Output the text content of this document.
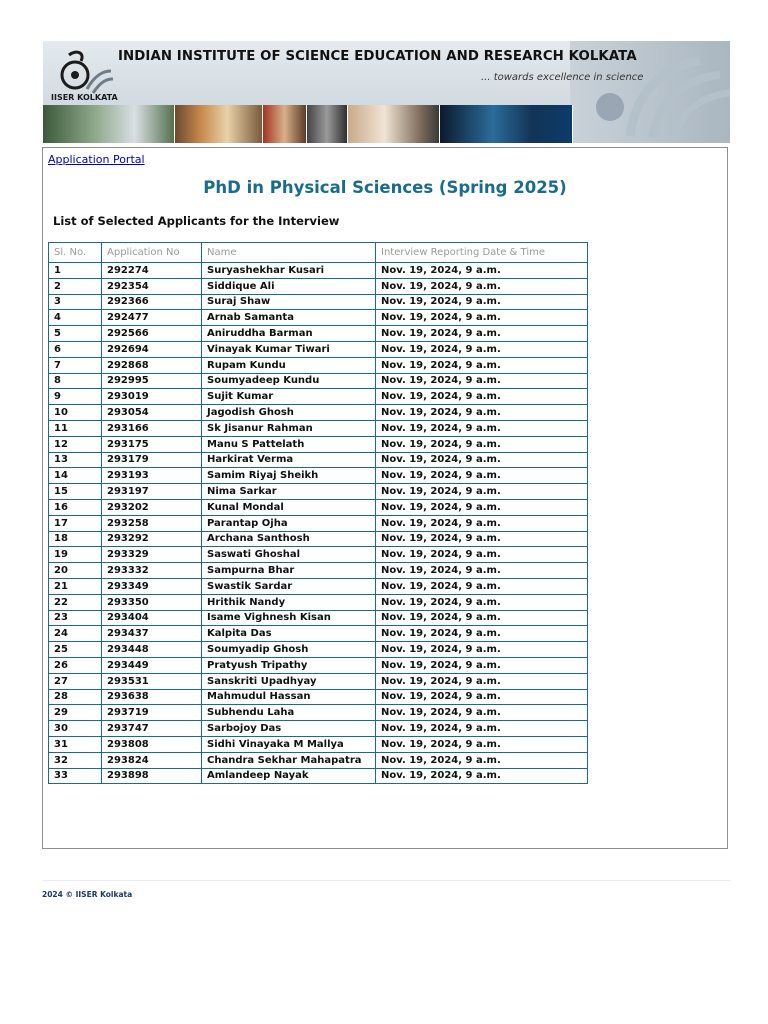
IISER KOLKATA
INDIAN INSTITUTE OF SCIENCE EDUCATION AND RESEARCH KOLKATA
... towards excellence in science
Application Portal
PhD in Physical Sciences (Spring 2025)
List of Selected Applicants for the Interview
Sl. No.	Application No	Name	Interview Reporting Date & Time
1	292274	Suryashekhar Kusari	Nov. 19, 2024, 9 a.m.
2	292354	Siddique Ali	Nov. 19, 2024, 9 a.m.
3	292366	Suraj Shaw	Nov. 19, 2024, 9 a.m.
4	292477	Arnab Samanta	Nov. 19, 2024, 9 a.m.
5	292566	Aniruddha Barman	Nov. 19, 2024, 9 a.m.
6	292694	Vinayak Kumar Tiwari	Nov. 19, 2024, 9 a.m.
7	292868	Rupam Kundu	Nov. 19, 2024, 9 a.m.
8	292995	Soumyadeep Kundu	Nov. 19, 2024, 9 a.m.
9	293019	Sujit Kumar	Nov. 19, 2024, 9 a.m.
10	293054	Jagodish Ghosh	Nov. 19, 2024, 9 a.m.
11	293166	Sk Jisanur Rahman	Nov. 19, 2024, 9 a.m.
12	293175	Manu S Pattelath	Nov. 19, 2024, 9 a.m.
13	293179	Harkirat Verma	Nov. 19, 2024, 9 a.m.
14	293193	Samim Riyaj Sheikh	Nov. 19, 2024, 9 a.m.
15	293197	Nima Sarkar	Nov. 19, 2024, 9 a.m.
16	293202	Kunal Mondal	Nov. 19, 2024, 9 a.m.
17	293258	Parantap Ojha	Nov. 19, 2024, 9 a.m.
18	293292	Archana Santhosh	Nov. 19, 2024, 9 a.m.
19	293329	Saswati Ghoshal	Nov. 19, 2024, 9 a.m.
20	293332	Sampurna Bhar	Nov. 19, 2024, 9 a.m.
21	293349	Swastik Sardar	Nov. 19, 2024, 9 a.m.
22	293350	Hrithik Nandy	Nov. 19, 2024, 9 a.m.
23	293404	Isame Vighnesh Kisan	Nov. 19, 2024, 9 a.m.
24	293437	Kalpita Das	Nov. 19, 2024, 9 a.m.
25	293448	Soumyadip Ghosh	Nov. 19, 2024, 9 a.m.
26	293449	Pratyush Tripathy	Nov. 19, 2024, 9 a.m.
27	293531	Sanskriti Upadhyay	Nov. 19, 2024, 9 a.m.
28	293638	Mahmudul Hassan	Nov. 19, 2024, 9 a.m.
29	293719	Subhendu Laha	Nov. 19, 2024, 9 a.m.
30	293747	Sarbojoy Das	Nov. 19, 2024, 9 a.m.
31	293808	Sidhi Vinayaka M Mallya	Nov. 19, 2024, 9 a.m.
32	293824	Chandra Sekhar Mahapatra	Nov. 19, 2024, 9 a.m.
33	293898	Amlandeep Nayak	Nov. 19, 2024, 9 a.m.
2024 © IISER Kolkata
